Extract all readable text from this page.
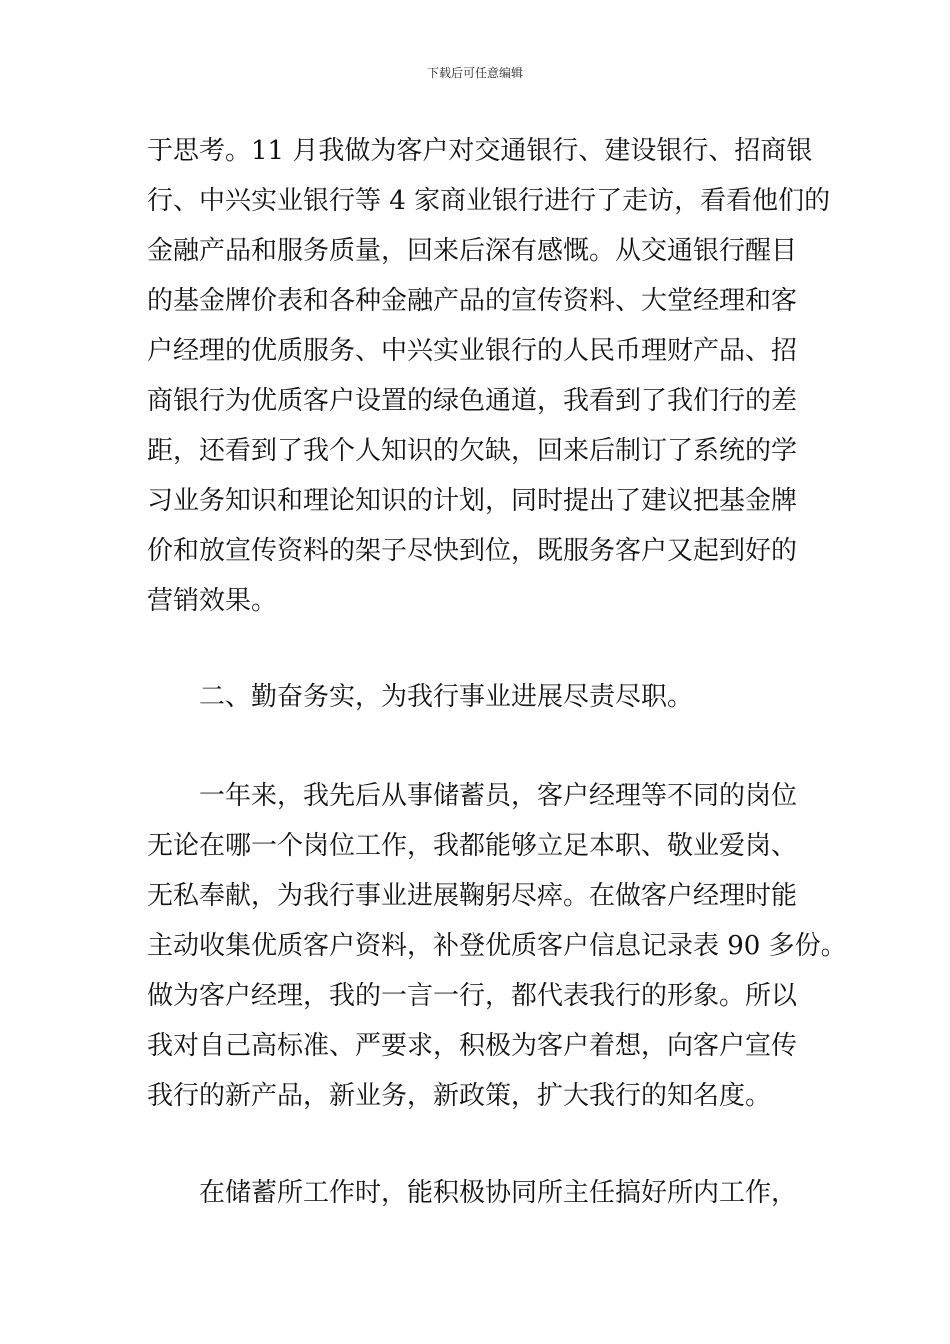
下载后可任意编辑
于思考。11 月我做为客户对交通银行、建设银行、招商银
行、中兴实业银行等 4 家商业银行进行了走访，看看他们的
金融产品和服务质量，回来后深有感慨。从交通银行醒目
的基金牌价表和各种金融产品的宣传资料、大堂经理和客
户经理的优质服务、中兴实业银行的人民币理财产品、招
商银行为优质客户设置的绿色通道，我看到了我们行的差
距，还看到了我个人知识的欠缺，回来后制订了系统的学
习业务知识和理论知识的计划，同时提出了建议把基金牌
价和放宣传资料的架子尽快到位，既服务客户又起到好的
营销效果。
二、勤奋务实，为我行事业进展尽责尽职。
一年来，我先后从事储蓄员，客户经理等不同的岗位
无论在哪一个岗位工作，我都能够立足本职、敬业爱岗、
无私奉献，为我行事业进展鞠躬尽瘁。在做客户经理时能
主动收集优质客户资料，补登优质客户信息记录表 90 多份。
做为客户经理，我的一言一行，都代表我行的形象。所以
我对自己高标准、严要求，积极为客户着想，向客户宣传
我行的新产品，新业务，新政策，扩大我行的知名度。
在储蓄所工作时，能积极协同所主任搞好所内工作，
